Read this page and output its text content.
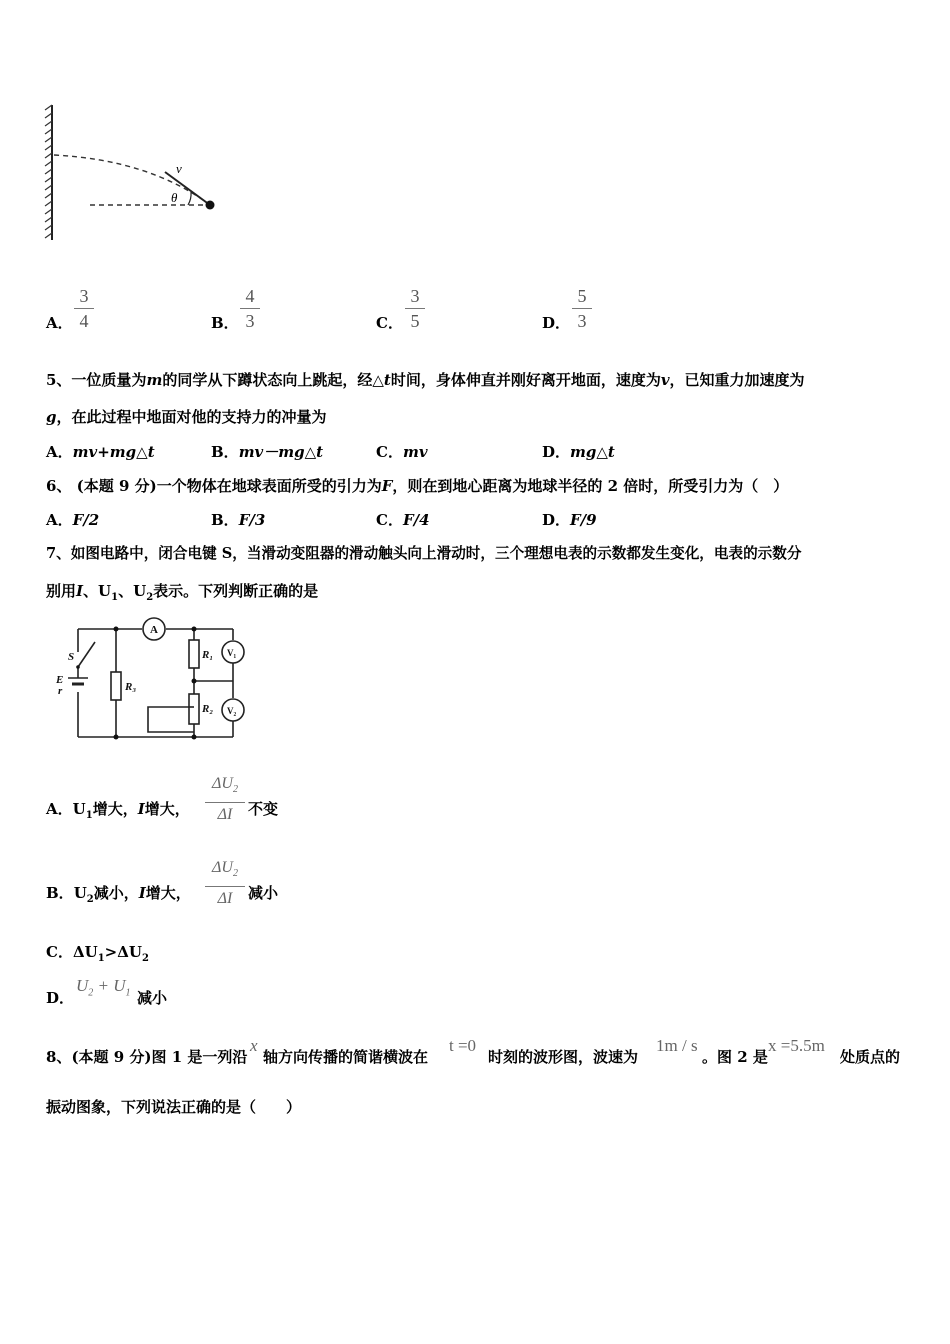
v
θ
A．
3
4	B．
4
3	C．
3
5	D．
5
3
5、一位质量为m的同学从下蹲状态向上跳起，经△t时间，身体伸直并刚好离开地面，速度为v，已知重力加速度为
g，在此过程中地面对他的支持力的冲量为
A．mv+mg△t	B．mv－mg△t	C．mv	D．mg△t
6、 (本题 9 分)一个物体在地球表面所受的引力为F，则在到地心距离为地球半径的 2 倍时，所受引力为（　）
A．F/2	B．F/3	C．F/4	D．F/9
7、如图电路中，闭合电键 S，当滑动变阻器的滑动触头向上滑动时，三个理想电表的示数都发生变化，电表的示数分
别用I、$U_1$、$U_2$表示。下列判断正确的是
S
E
r	R₃
R₁
R₂
A
V₁
V₂
A．$U_1$增大，I增大，
$\Delta U_2$
ΔI	不变
B．$U_2$减小，I增大，
$\Delta U_2$
ΔI	减小
C．$\Delta U_1>\Delta U_2$
D．
$U_2 + U_1$ 减小
8、(本题 9 分)图 1 是一列沿
x
轴方向传播的简谐横波在
t =0
时刻的波形图，波速为
1m / s
。图 2 是
x =5.5m
处质点的
振动图象，下列说法正确的是（　　）
